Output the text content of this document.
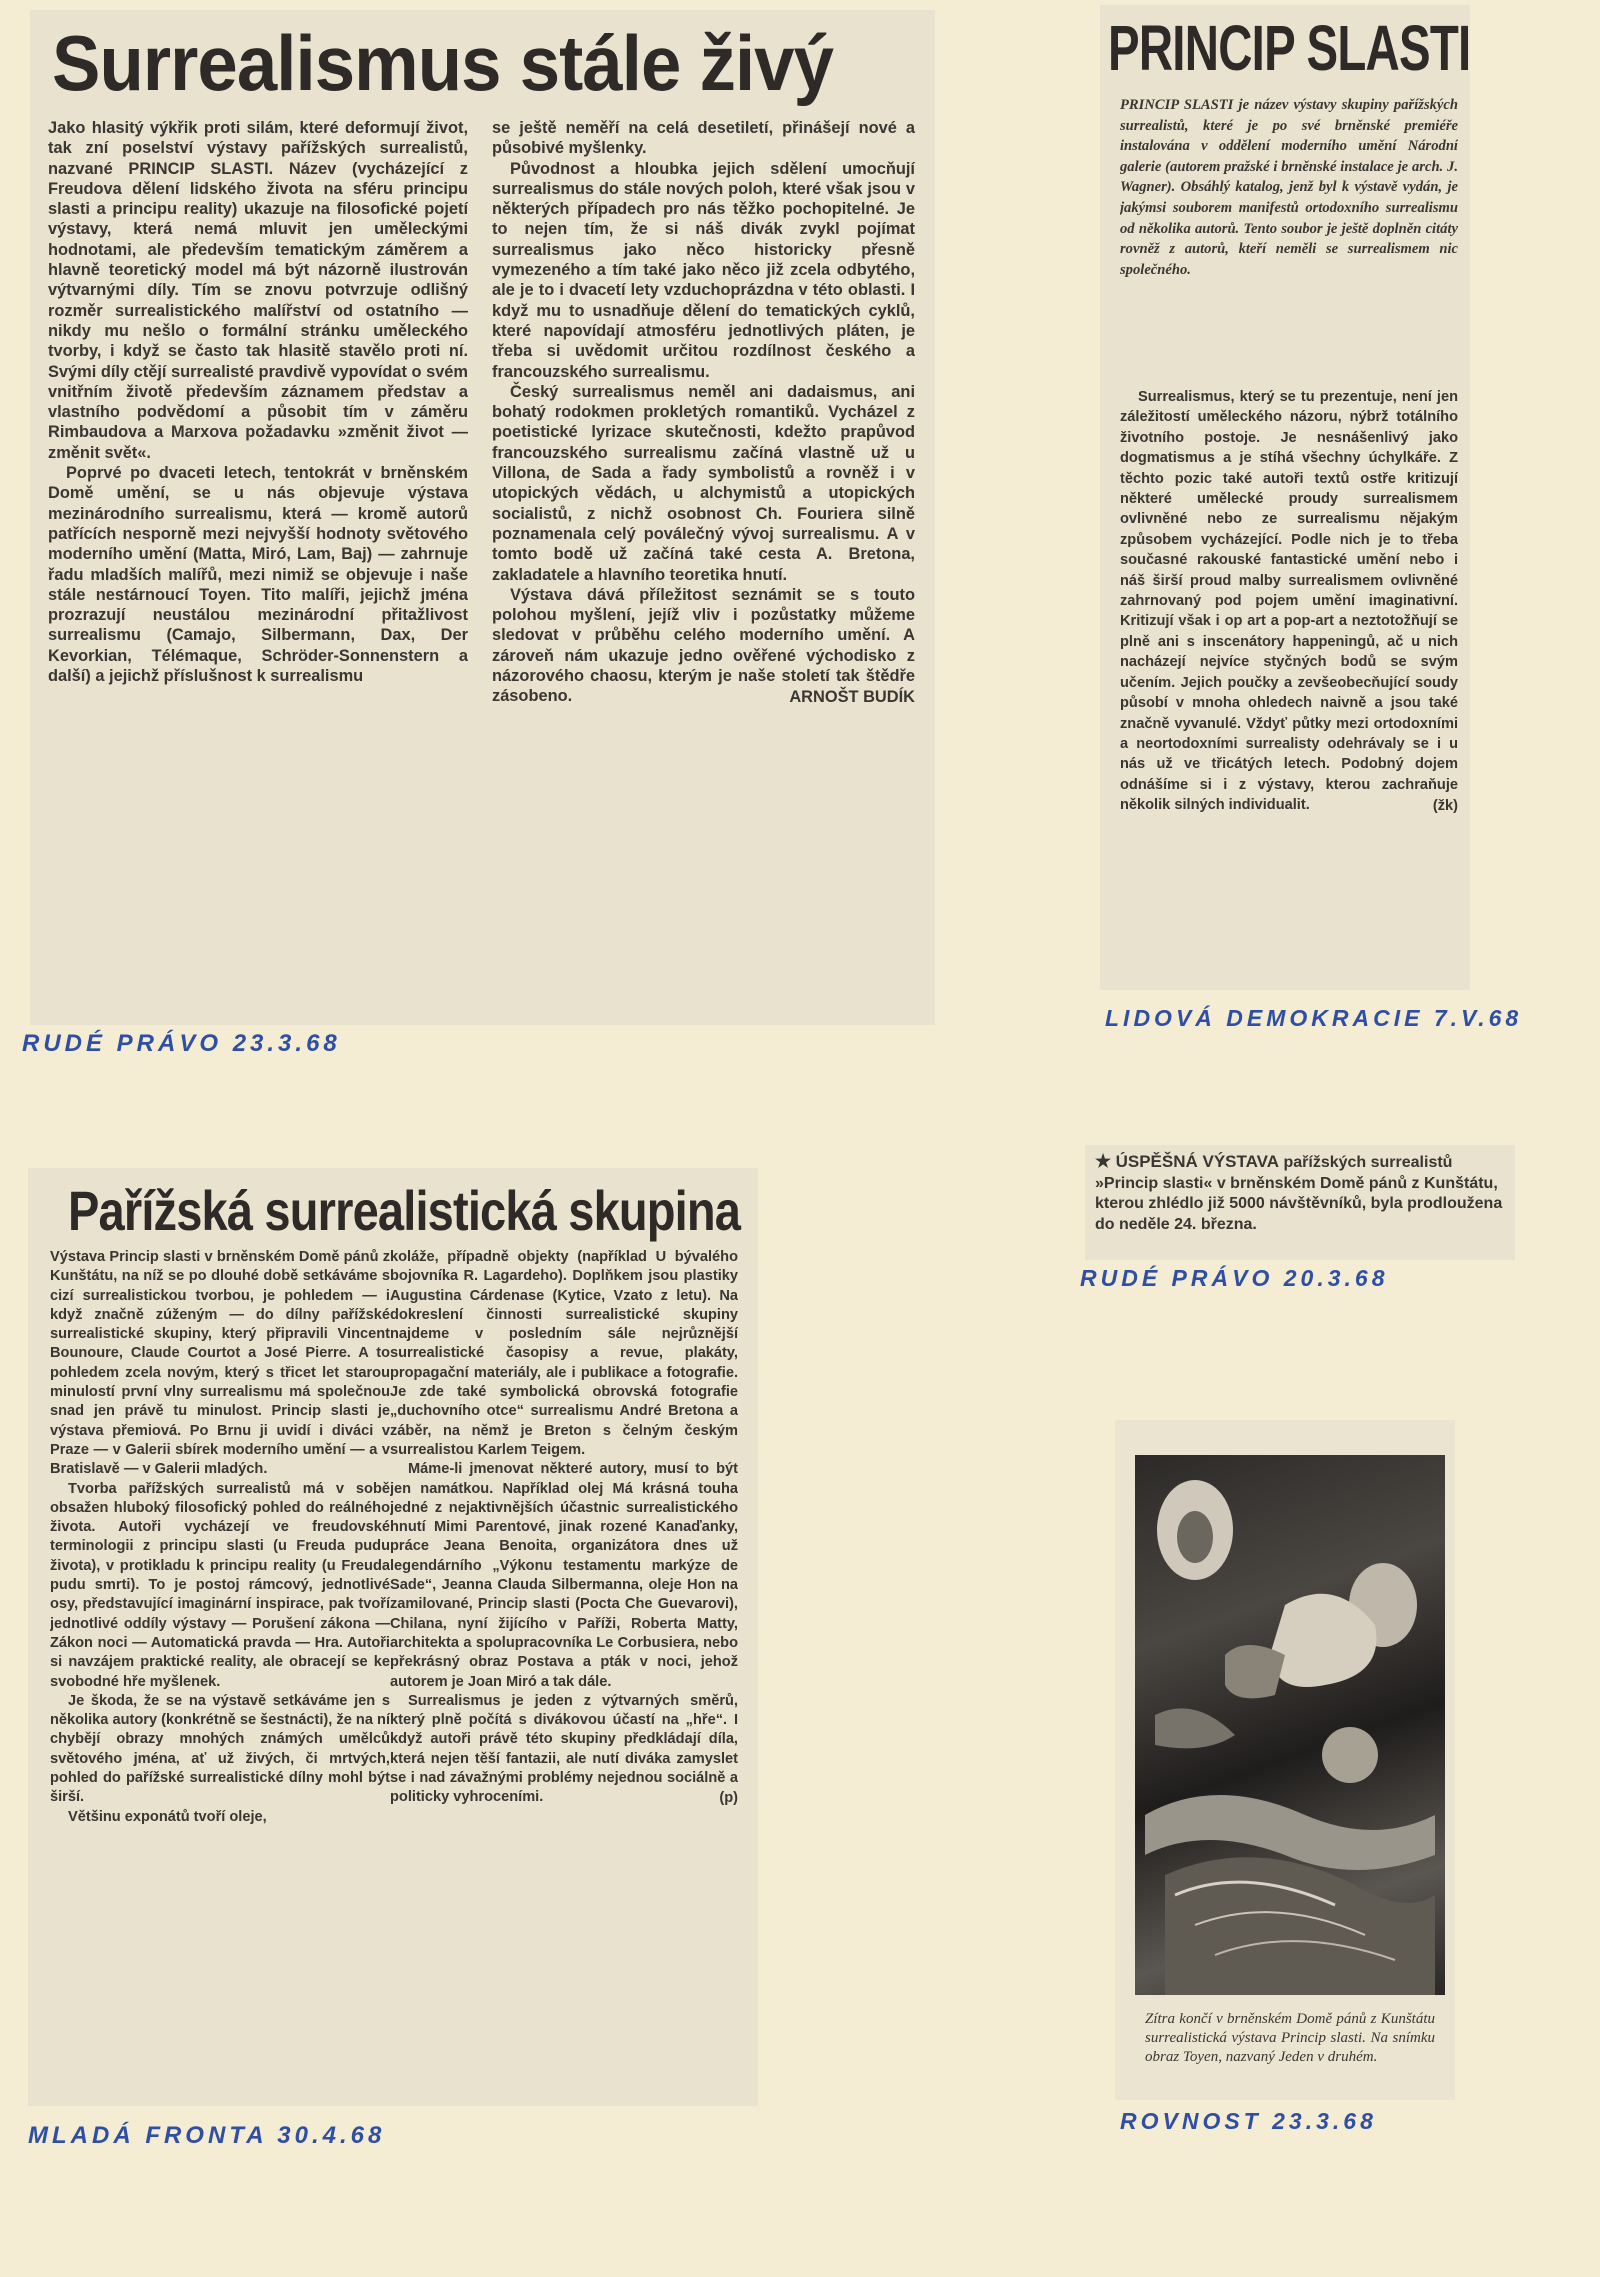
Surrealismus stále živý

Jako hlasitý výkřik proti silám, které deformují život, tak zní poselství výstavy pařížských surrealistů, nazvané PRINCIP SLASTI. Název (vycházející z Freudova dělení lidského života na sféru principu slasti a principu reality) ukazuje na filosofické pojetí výstavy, která nemá mluvit jen uměleckými hodnotami, ale především tematickým záměrem a hlavně teoretický model má být názorně ilustrován výtvarnými díly. Tím se znovu potvrzuje odlišný rozměr surrealistického malířství od ostatního — nikdy mu nešlo o formální stránku uměleckého tvorby, i když se často tak hlasitě stavělo proti ní. Svými díly ctějí surrealisté pravdivě vypovídat o svém vnitřním životě především záznamem představ a vlastního podvědomí a působit tím v záměru Rimbaudova a Marxova požadavku »změnit život — změnit svět«.

Poprvé po dvaceti letech, tentokrát v brněnském Domě umění, se u nás objevuje výstava mezinárodního surrealismu, která — kromě autorů patřících nesporně mezi nejvyšší hodnoty světového moderního umění (Matta, Miró, Lam, Baj) — zahrnuje řadu mladších malířů, mezi nimiž se objevuje i naše stále nestárnoucí Toyen. Tito malíři, jejichž jména prozrazují neustálou mezinárodní přitažlivost surrealismu (Camajo, Silbermann, Dax, Der Kevorkian, Télémaque, Schröder-Sonnenstern a další) a jejichž příslušnost k surrealismu

se ještě neměří na celá desetiletí, přinášejí nové a působivé myšlenky.

Původnost a hloubka jejich sdělení umocňují surrealismus do stále nových poloh, které však jsou v některých případech pro nás těžko pochopitelné. Je to nejen tím, že si náš divák zvykl pojímat surrealismus jako něco historicky přesně vymezeného a tím také jako něco již zcela odbytého, ale je to i dvacetí lety vzduchoprázdna v této oblasti. I když mu to usnadňuje dělení do tematických cyklů, které napovídají atmosféru jednotlivých pláten, je třeba si uvědomit určitou rozdílnost českého a francouzského surrealismu.

Český surrealismus neměl ani dadaismus, ani bohatý rodokmen prokletých romantiků. Vycházel z poetistické lyrizace skutečnosti, kdežto prapůvod francouzského surrealismu začíná vlastně už u Villona, de Sada a řady symbolistů a rovněž i v utopických vědách, u alchymistů a utopických socialistů, z nichž osobnost Ch. Fouriera silně poznamenala celý poválečný vývoj surrealismu. A v tomto bodě už začíná také cesta A. Bretona, zakladatele a hlavního teoretika hnutí.

Výstava dává příležitost seznámit se s touto polohou myšlení, jejíž vliv i pozůstatky můžeme sledovat v průběhu celého moderního umění. A zároveň nám ukazuje jedno ověřené východisko z názorového chaosu, kterým je naše století tak štědře zásobeno.	ARNOŠT BUDÍK
RUDÉ PRÁVO 23.3.68
PRINCIP SLASTI

PRINCIP SLASTI je název výstavy skupiny pařížských surrealistů, které je po své brněnské premiéře instalována v oddělení moderního umění Národní galerie (autorem pražské i brněnské instalace je arch. J. Wagner). Obsáhlý katalog, jenž byl k výstavě vydán, je jakýmsi souborem manifestů ortodoxního surrealismu od několika autorů. Tento soubor je ještě doplněn citáty rovněž z autorů, kteří neměli se surrealismem nic společného.

Surrealismus, který se tu prezentuje, není jen záležitostí uměleckého názoru, nýbrž totálního životního postoje. Je nesnášenlivý jako dogmatismus a je stíhá všechny úchylkáře. Z těchto pozic také autoři textů ostře kritizují některé umělecké proudy surrealismem ovlivněné nebo ze surrealismu nějakým způsobem vycházející. Podle nich je to třeba současné rakouské fantastické umění nebo i náš širší proud malby surrealismem ovlivněné zahrnovaný pod pojem umění imaginativní. Kritizují však i op art a pop-art a neztotožňují se plně ani s inscenátory happeningů, ač u nich nacházejí nejvíce styčných bodů se svým učením. Jejich poučky a zevšeobecňující soudy působí v mnoha ohledech naivně a jsou také značně vyvanulé. Vždyť půtky mezi ortodoxními a neortodoxními surrealisty odehrávaly se i u nás už ve třicátých letech. Podobný dojem odnášíme si i z výstavy, kterou zachraňuje několik silných individualit.	(žk)
LIDOVÁ DEMOKRACIE 7.V.68
Pařížská surrealistická skupina

Výstava Princip slasti v brněnském Domě pánů z Kunštátu, na níž se po dlouhé době setkáváme s cizí surrealistickou tvorbou, je pohledem — i když značně zúženým — do dílny pařížské surrealistické skupiny, který připravili Vincent Bounoure, Claude Courtot a José Pierre. A to pohledem zcela novým, který s třicet let starou minulostí první vlny surrealismu má společnou snad jen právě tu minulost. Princip slasti je výstava přemiová. Po Brnu ji uvidí i diváci v Praze — v Galerii sbírek moderního umění — a v Bratislavě — v Galerii mladých.

Tvorba pařížských surrealistů má v sobě obsažen hluboký filosofický pohled do reálného života. Autoři vycházejí ve freudovské terminologii z principu slasti (u Freuda pudu života), v protikladu k principu reality (u Freuda pudu smrti). To je postoj rámcový, jednotlivé osy, představující imaginární inspirace, pak tvoří jednotlivé oddíly výstavy — Porušení zákona — Zákon noci — Automatická pravda — Hra. Autoři si navzájem praktické reality, ale obracejí se ke svobodné hře myšlenek.

Je škoda, že se na výstavě setkáváme jen s několika autory (konkrétně se šestnácti), že na ní chybějí obrazy mnohých známých umělců světového jména, ať už živých, či mrtvých, pohled do pařížské surrealistické dílny mohl být širší.

Většinu exponátů tvoří oleje,

koláže, případně objekty (například U bývalého bojovníka R. Lagardeho). Doplňkem jsou plastiky Augustina Cárdenase (Kytice, Vzato z letu). Na dokreslení činnosti surrealistické skupiny najdeme v posledním sále nejrůznější surrealistické časopisy a revue, plakáty, propagační materiály, ale i publikace a fotografie. Je zde také symbolická obrovská fotografie „duchovního otce“ surrealismu André Bretona a záběr, na němž je Breton s čelným českým surrealistou Karlem Teigem.

Máme-li jmenovat některé autory, musí to být jen namátkou. Například olej Má krásná touha jedné z nejaktivnějších účastnic surrealistického hnutí Mimi Parentové, jinak rozené Kanaďanky, práce Jeana Benoita, organizátora dnes už legendárního „Výkonu testamentu markýze de Sade“, Jeanna Clauda Silbermanna, oleje Hon na zamilované, Princip slasti (Pocta Che Guevarovi), Chilana, nyní žijícího v Paříži, Roberta Matty, architekta a spolupracovníka Le Corbusiera, nebo překrásný obraz Postava a pták v noci, jehož autorem je Joan Miró a tak dále.

Surrealismus je jeden z výtvarných směrů, který plně počítá s divákovou účastí na „hře“. I když autoři právě této skupiny předkládají díla, která nejen těší fantazii, ale nutí diváka zamyslet se i nad závažnými problémy nejednou sociálně a politicky vyhroceními.	(p)
MLADÁ FRONTA 30.4.68
★ ÚSPĚŠNÁ VÝSTAVA pařížských surrealistů »Princip slasti« v brněnském Domě pánů z Kunštátu, kterou zhlédlo již 5000 návštěvníků, byla prodloužena do neděle 24. března.
RUDÉ PRÁVO 20.3.68
Zítra končí v brněnském Domě pánů z Kunštátu surrealistická výstava Princip slasti. Na snímku obraz Toyen, nazvaný Jeden v druhém.
ROVNOST 23.3.68
